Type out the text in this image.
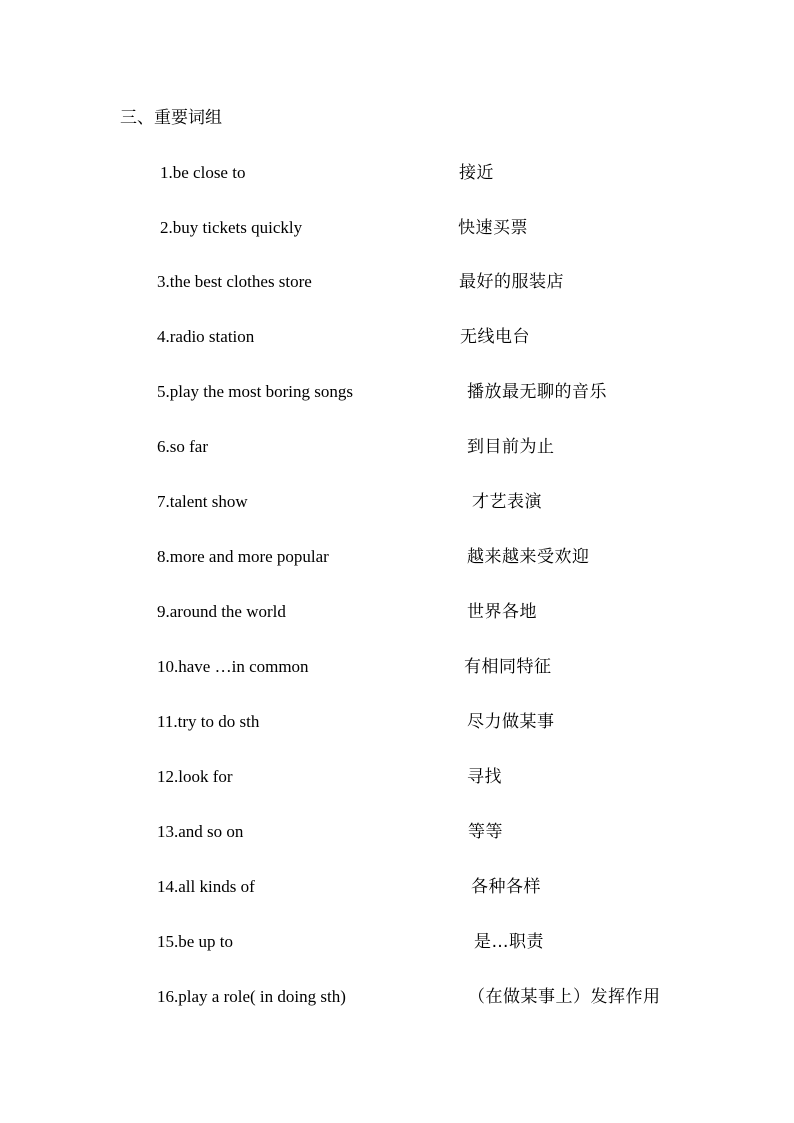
三、重要词组
1.be close to	接近
2.buy tickets quickly	快速买票
3.the best clothes store	最好的服装店
4.radio station	无线电台
5.play the most boring songs	播放最无聊的音乐
6.so far	到目前为止
7.talent show	才艺表演
8.more and more popular	越来越来受欢迎
9.around the world	世界各地
10.have …in common	有相同特征
11.try to do sth	尽力做某事
12.look for	寻找
13.and so on	等等
14.all kinds of	各种各样
15.be up to	是…职责
16.play a role( in doing sth)	（在做某事上）发挥作用
